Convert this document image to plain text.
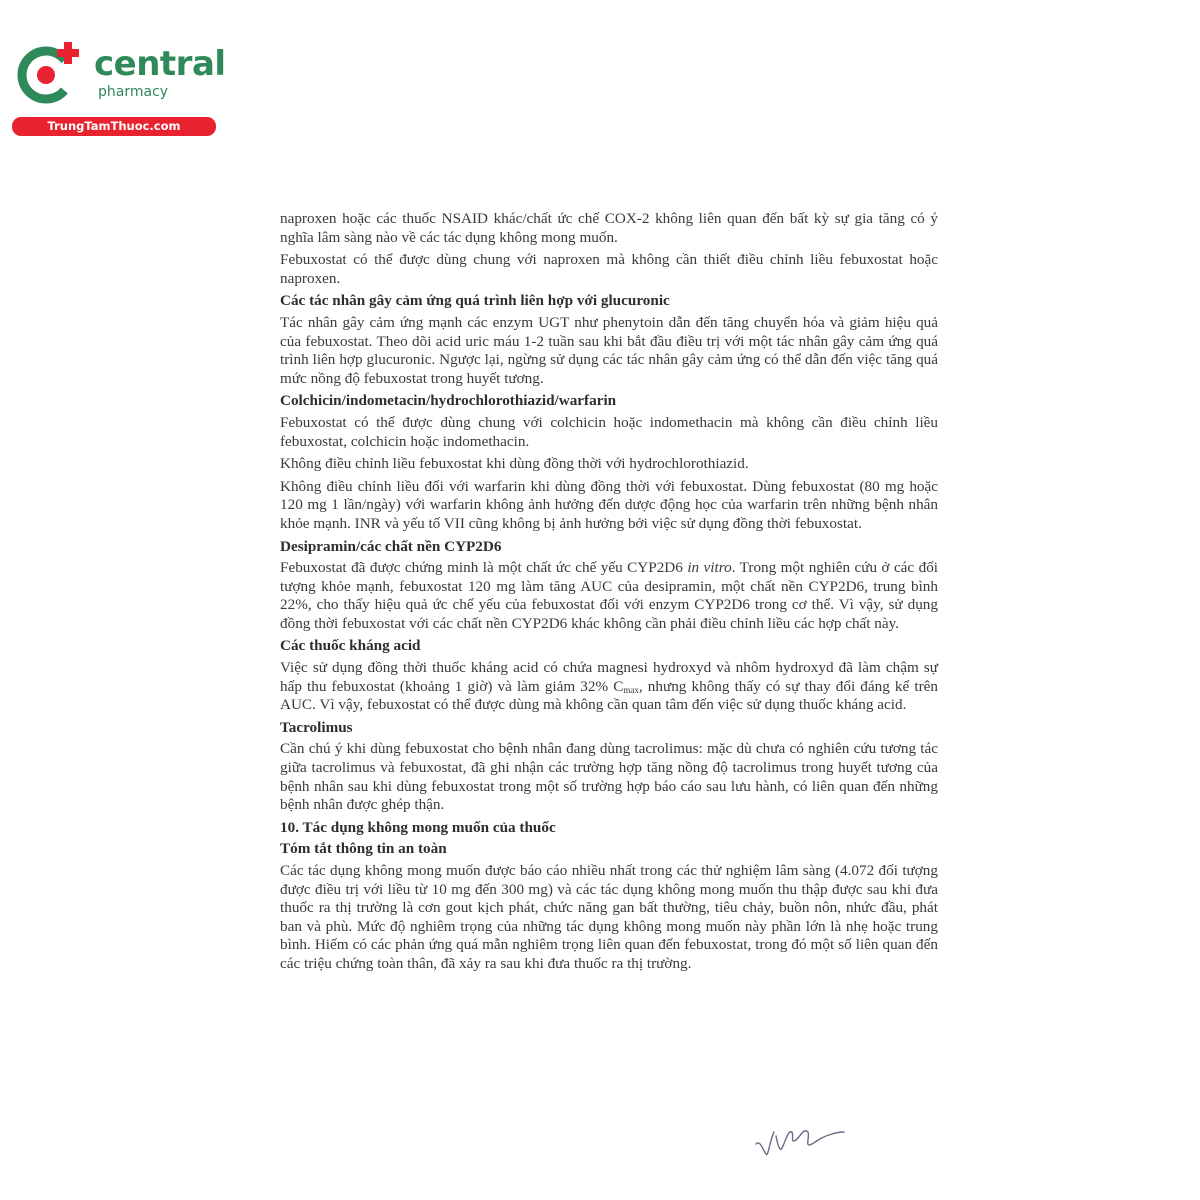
central
pharmacy
TrungTamThuoc.com

naproxen hoặc các thuốc NSAID khác/chất ức chế COX-2 không liên quan đến bất kỳ sự gia tăng có ý nghĩa lâm sàng nào về các tác dụng không mong muốn.

Febuxostat có thể được dùng chung với naproxen mà không cần thiết điều chỉnh liều febuxostat hoặc naproxen.

Các tác nhân gây cảm ứng quá trình liên hợp với glucuronic

Tác nhân gây cảm ứng mạnh các enzym UGT như phenytoin dẫn đến tăng chuyển hóa và giảm hiệu quả của febuxostat. Theo dõi acid uric máu 1-2 tuần sau khi bắt đầu điều trị với một tác nhân gây cảm ứng quá trình liên hợp glucuronic. Ngược lại, ngừng sử dụng các tác nhân gây cảm ứng có thể dẫn đến việc tăng quá mức nồng độ febuxostat trong huyết tương.

Colchicin/indometacin/hydrochlorothiazid/warfarin

Febuxostat có thể được dùng chung với colchicin hoặc indomethacin mà không cần điều chỉnh liều febuxostat, colchicin hoặc indomethacin.

Không điều chỉnh liều febuxostat khi dùng đồng thời với hydrochlorothiazid.

Không điều chỉnh liều đối với warfarin khi dùng đồng thời với febuxostat. Dùng febuxostat (80 mg hoặc 120 mg 1 lần/ngày) với warfarin không ảnh hưởng đến dược động học của warfarin trên những bệnh nhân khỏe mạnh. INR và yếu tố VII cũng không bị ảnh hưởng bởi việc sử dụng đồng thời febuxostat.

Desipramin/các chất nền CYP2D6

Febuxostat đã được chứng minh là một chất ức chế yếu CYP2D6 in vitro. Trong một nghiên cứu ở các đối tượng khỏe mạnh, febuxostat 120 mg làm tăng AUC của desipramin, một chất nền CYP2D6, trung bình 22%, cho thấy hiệu quả ức chế yếu của febuxostat đối với enzym CYP2D6 trong cơ thể. Vì vậy, sử dụng đồng thời febuxostat với các chất nền CYP2D6 khác không cần phải điều chỉnh liều các hợp chất này.

Các thuốc kháng acid

Việc sử dụng đồng thời thuốc kháng acid có chứa magnesi hydroxyd và nhôm hydroxyd đã làm chậm sự hấp thu febuxostat (khoảng 1 giờ) và làm giảm 32% $C_{max}$, nhưng không thấy có sự thay đổi đáng kể trên AUC. Vì vậy, febuxostat có thể được dùng mà không cần quan tâm đến việc sử dụng thuốc kháng acid.

Tacrolimus

Cần chú ý khi dùng febuxostat cho bệnh nhân đang dùng tacrolimus: mặc dù chưa có nghiên cứu tương tác giữa tacrolimus và febuxostat, đã ghi nhận các trường hợp tăng nồng độ tacrolimus trong huyết tương của bệnh nhân sau khi dùng febuxostat trong một số trường hợp báo cáo sau lưu hành, có liên quan đến những bệnh nhân được ghép thận.

10. Tác dụng không mong muốn của thuốc
Tóm tắt thông tin an toàn

Các tác dụng không mong muốn được báo cáo nhiều nhất trong các thử nghiệm lâm sàng (4.072 đối tượng được điều trị với liều từ 10 mg đến 300 mg) và các tác dụng không mong muốn thu thập được sau khi đưa thuốc ra thị trường là cơn gout kịch phát, chức năng gan bất thường, tiêu chảy, buồn nôn, nhức đầu, phát ban và phù. Mức độ nghiêm trọng của những tác dụng không mong muốn này phần lớn là nhẹ hoặc trung bình. Hiếm có các phản ứng quá mẫn nghiêm trọng liên quan đến febuxostat, trong đó một số liên quan đến các triệu chứng toàn thân, đã xảy ra sau khi đưa thuốc ra thị trường.
